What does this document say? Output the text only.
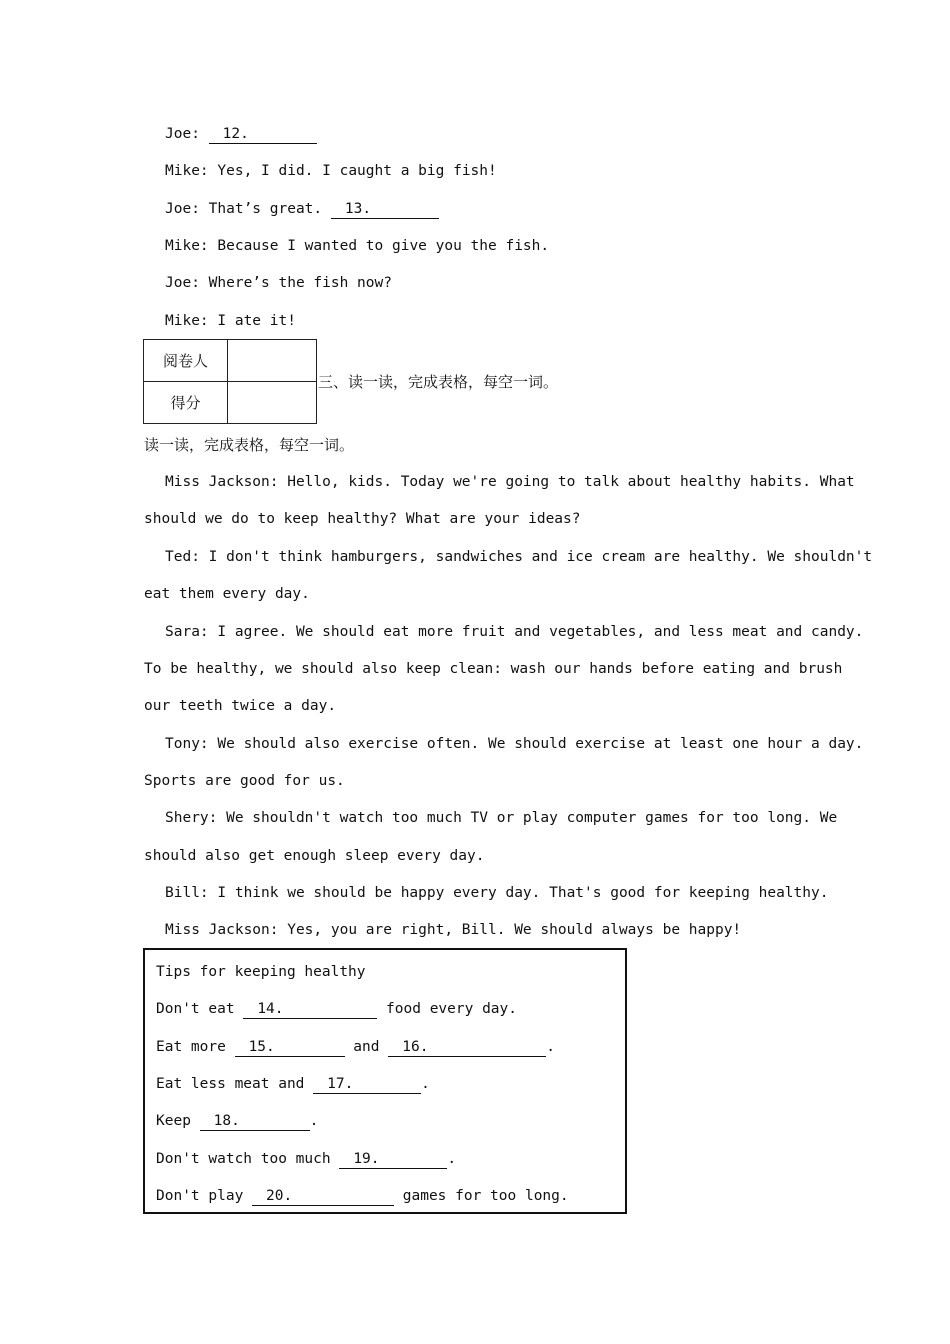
Joe: 12.
Mike: Yes, I did. I caught a big fish!
Joe: That’s great. 13.
Mike: Because I wanted to give you the fish.
Joe: Where’s the fish now?
Mike: I ate it!
阅卷人	
得分	
三、读一读，完成表格，每空一词。
读一读，完成表格，每空一词。
Miss Jackson: Hello, kids. Today we're going to talk about healthy habits. What
should we do to keep healthy? What are your ideas?
Ted: I don't think hamburgers, sandwiches and ice cream are healthy. We shouldn't
eat them every day.
Sara: I agree. We should eat more fruit and vegetables, and less meat and candy.
To be healthy, we should also keep clean: wash our hands before eating and brush
our teeth twice a day.
Tony: We should also exercise often. We should exercise at least one hour a day.
Sports are good for us.
Shery: We shouldn't watch too much TV or play computer games for too long. We
should also get enough sleep every day.
Bill: I think we should be happy every day. That's good for keeping healthy.
Miss Jackson: Yes, you are right, Bill. We should always be happy!
Tips for keeping healthy
Don't eat 14.	food every day.
Eat more 15.	and 16.	.
Eat less meat and 17.	.
Keep 18.	.
Don't watch too much 19.	.
Don't play 20.	games for too long.
